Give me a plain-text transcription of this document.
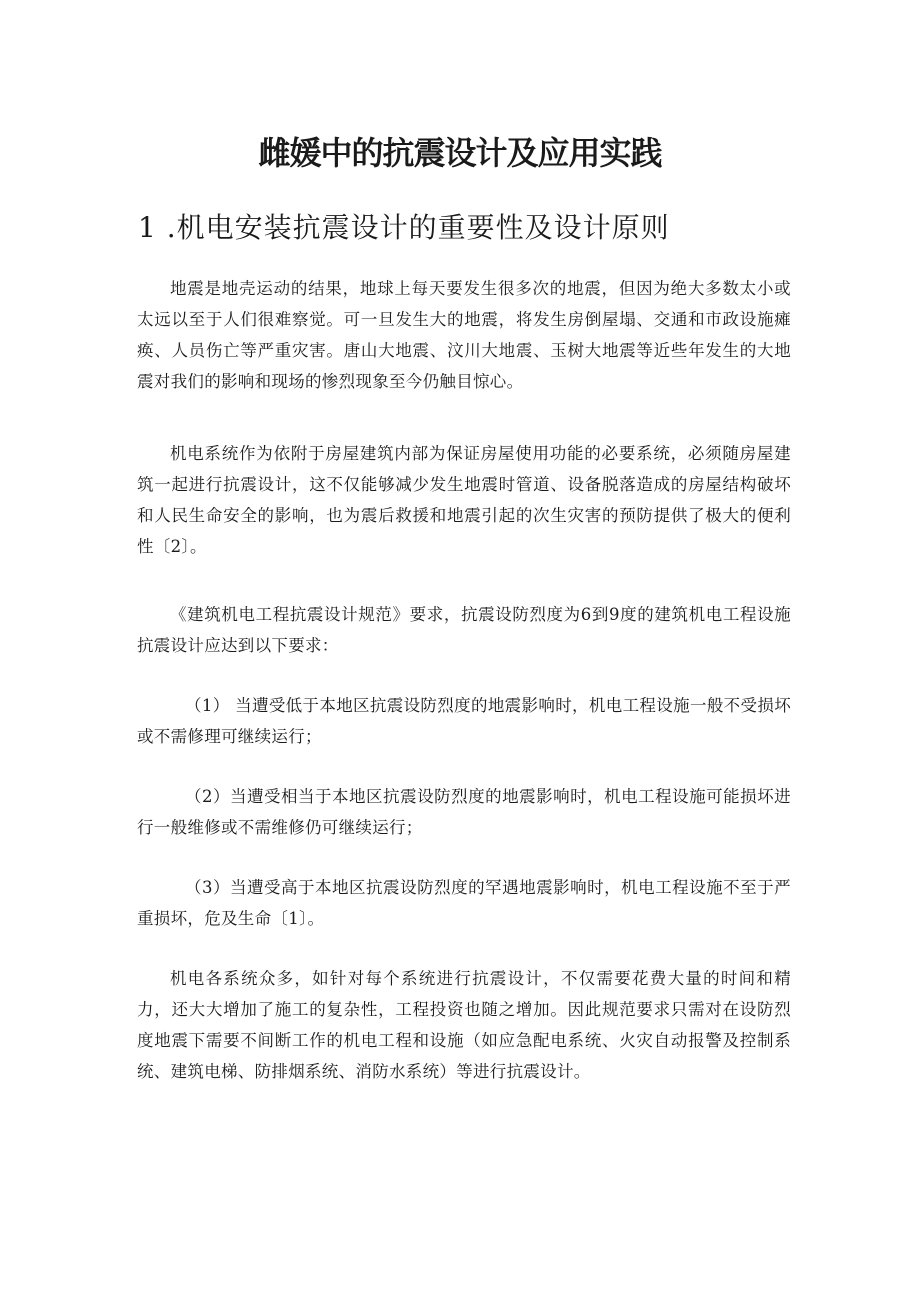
雌媛中的抗震设计及应用实践
1 .机电安装抗震设计的重要性及设计原则

地震是地壳运动的结果，地球上每天要发生很多次的地震，但因为绝大多数太小或太远以至于人们很难察觉。可一旦发生大的地震，将发生房倒屋塌、交通和市政设施瘫痪、人员伤亡等严重灾害。唐山大地震、汶川大地震、玉树大地震等近些年发生的大地震对我们的影响和现场的惨烈现象至今仍触目惊心。

机电系统作为依附于房屋建筑内部为保证房屋使用功能的必要系统，必须随房屋建筑一起进行抗震设计，这不仅能够减少发生地震时管道、设备脱落造成的房屋结构破坏和人民生命安全的影响，也为震后救援和地震引起的次生灾害的预防提供了极大的便利性〔2〕。

《建筑机电工程抗震设计规范》要求，抗震设防烈度为6到9度的建筑机电工程设施抗震设计应达到以下要求：

（1） 当遭受低于本地区抗震设防烈度的地震影响时，机电工程设施一般不受损坏或不需修理可继续运行；

（2）当遭受相当于本地区抗震设防烈度的地震影响时，机电工程设施可能损坏进行一般维修或不需维修仍可继续运行；

（3）当遭受高于本地区抗震设防烈度的罕遇地震影响时，机电工程设施不至于严重损坏，危及生命〔1〕。

机电各系统众多，如针对每个系统进行抗震设计，不仅需要花费大量的时间和精力，还大大增加了施工的复杂性，工程投资也随之增加。因此规范要求只需对在设防烈度地震下需要不间断工作的机电工程和设施（如应急配电系统、火灾自动报警及控制系统、建筑电梯、防排烟系统、消防水系统）等进行抗震设计。
